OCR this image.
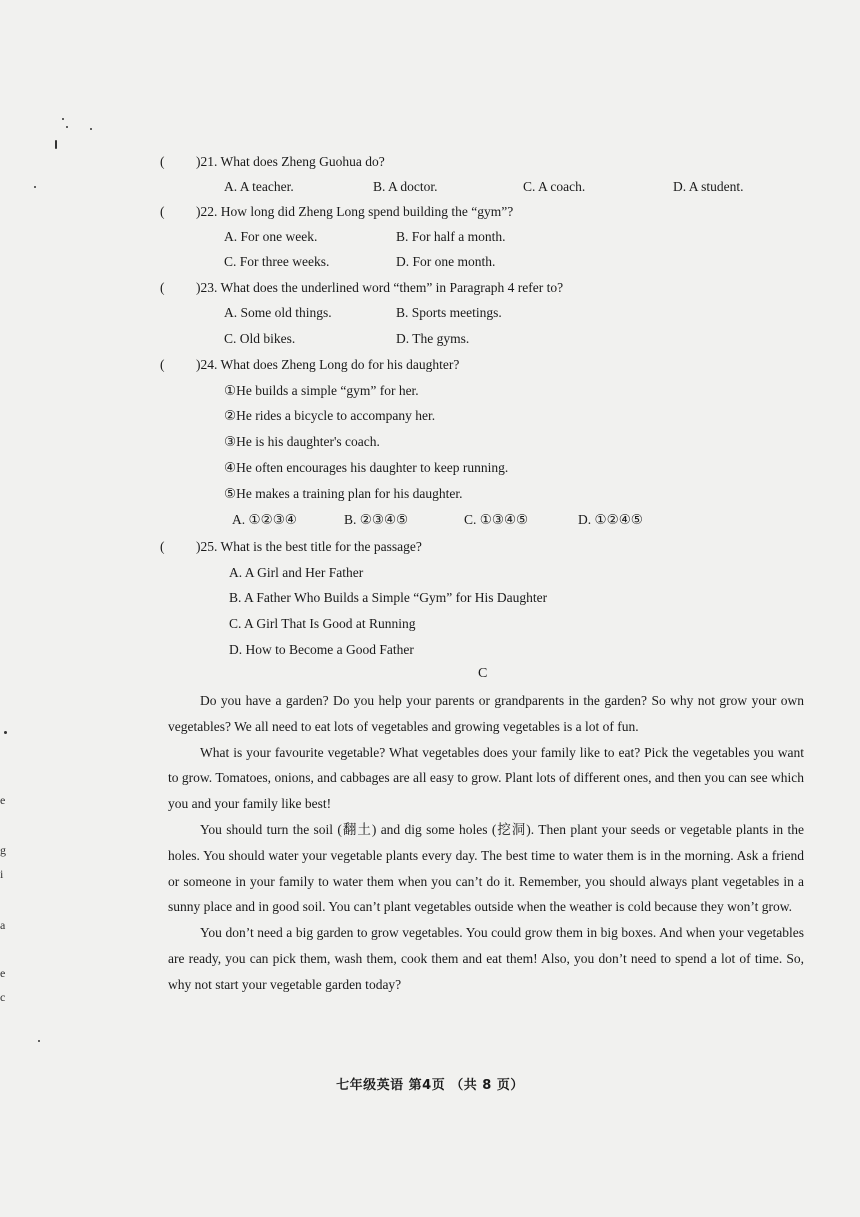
( )21. What does Zheng Guohua do?
A. A teacher.	B. A doctor.	C. A coach.	D. A student.
( )22. How long did Zheng Long spend building the “gym”?
A. For one week.	B. For half a month.
C. For three weeks.	D. For one month.
( )23. What does the underlined word “them” in Paragraph 4 refer to?
A. Some old things.	B. Sports meetings.
C. Old bikes.	D. The gyms.
( )24. What does Zheng Long do for his daughter?
①He builds a simple “gym” for her.
②He rides a bicycle to accompany her.
③He is his daughter's coach.
④He often encourages his daughter to keep running.
⑤He makes a training plan for his daughter.
A. ①②③④	B. ②③④⑤	C. ①③④⑤	D. ①②④⑤
( )25. What is the best title for the passage?
A. A Girl and Her Father
B. A Father Who Builds a Simple “Gym” for His Daughter
C. A Girl That Is Good at Running
D. How to Become a Good Father
C

Do you have a garden? Do you help your parents or grandparents in the garden? So why not grow your own vegetables? We all need to eat lots of vegetables and growing vegetables is a lot of fun.

What is your favourite vegetable? What vegetables does your family like to eat? Pick the vegetables you want to grow. Tomatoes, onions, and cabbages are all easy to grow. Plant lots of different ones, and then you can see which you and your family like best!

You should turn the soil (翻土) and dig some holes (挖洞). Then plant your seeds or vegetable plants in the holes. You should water your vegetable plants every day. The best time to water them is in the morning. Ask a friend or someone in your family to water them when you can’t do it. Remember, you should always plant vegetables in a sunny place and in good soil. You can’t plant vegetables outside when the weather is cold because they won’t grow.

You don’t need a big garden to grow vegetables. You could grow them in big boxes. And when your vegetables are ready, you can pick them, wash them, cook them and eat them! Also, you don’t need to spend a lot of time. So, why not start your vegetable garden today?

七年级英语 第4页 （共 8 页）
e
g
i
a
e
c
